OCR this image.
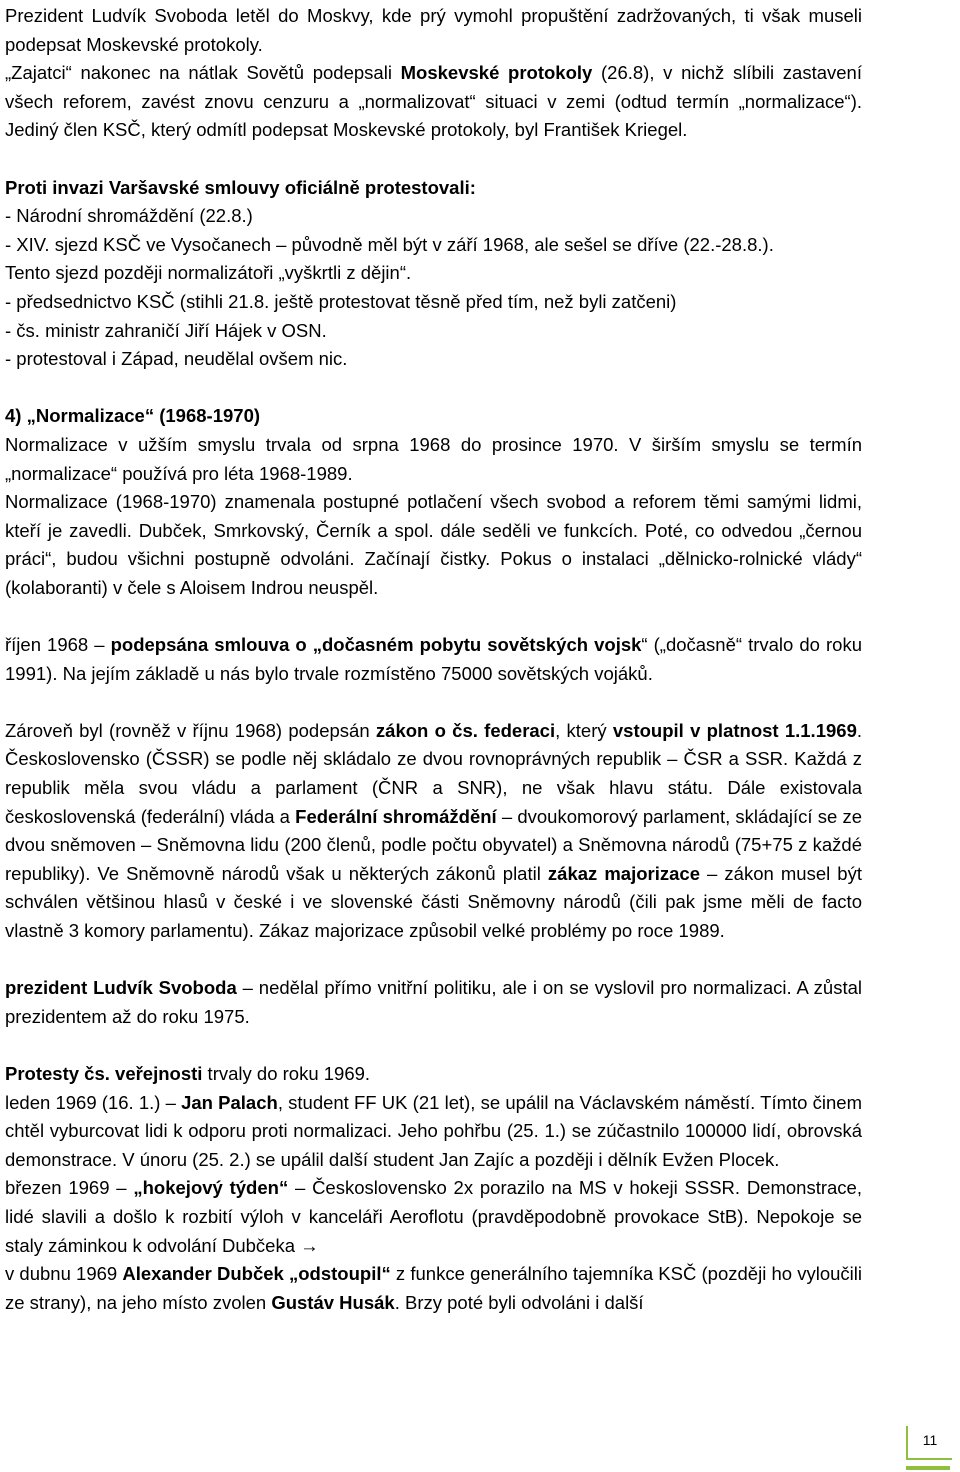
Prezident Ludvík Svoboda letěl do Moskvy, kde prý vymohl propuštění zadržovaných, ti však museli podepsat Moskevské protokoly.

„Zajatci“ nakonec na nátlak Sovětů podepsali Moskevské protokoly (26.8), v nichž slíbili zastavení všech reforem, zavést znovu cenzuru a „normalizovat“ situaci v zemi (odtud termín „normalizace“). Jediný člen KSČ, který odmítl podepsat Moskevské protokoly, byl František Kriegel.

Proti invazi Varšavské smlouvy oficiálně protestovali:

- Národní shromáždění (22.8.)

- XIV. sjezd KSČ ve Vysočanech – původně měl být v září 1968, ale sešel se dříve (22.-28.8.).

Tento sjezd později normalizátoři „vyškrtli z dějin“.

- předsednictvo KSČ (stihli 21.8. ještě protestovat těsně před tím, než byli zatčeni)

- čs. ministr zahraničí Jiří Hájek v OSN.

- protestoval i Západ, neudělal ovšem nic.

4) „Normalizace“ (1968-1970)

Normalizace v užším smyslu trvala od srpna 1968 do prosince 1970. V širším smyslu se termín „normalizace“ používá pro léta 1968-1989.

Normalizace (1968-1970) znamenala postupné potlačení všech svobod a reforem těmi samými lidmi, kteří je zavedli. Dubček, Smrkovský, Černík a spol. dále seděli ve funkcích. Poté, co odvedou „černou práci“, budou všichni postupně odvoláni. Začínají čistky. Pokus o instalaci „dělnicko-rolnické vlády“ (kolaboranti) v čele s Aloisem Indrou neuspěl.

říjen 1968 – podepsána smlouva o „dočasném pobytu sovětských vojsk“ („dočasně“ trvalo do roku 1991). Na jejím základě u nás bylo trvale rozmístěno 75000 sovětských vojáků.

Zároveň byl (rovněž v říjnu 1968) podepsán zákon o čs. federaci, který vstoupil v platnost 1.1.1969. Československo (ČSSR) se podle něj skládalo ze dvou rovnoprávných republik – ČSR a SSR. Každá z republik měla svou vládu a parlament (ČNR a SNR), ne však hlavu státu. Dále existovala československá (federální) vláda a Federální shromáždění – dvoukomorový parlament, skládající se ze dvou sněmoven – Sněmovna lidu (200 členů, podle počtu obyvatel) a Sněmovna národů (75+75 z každé republiky). Ve Sněmovně národů však u některých zákonů platil zákaz majorizace – zákon musel být schválen většinou hlasů v české i ve slovenské části Sněmovny národů (čili pak jsme měli de facto vlastně 3 komory parlamentu). Zákaz majorizace způsobil velké problémy po roce 1989.

prezident Ludvík Svoboda – nedělal přímo vnitřní politiku, ale i on se vyslovil pro normalizaci. A zůstal prezidentem až do roku 1975.

Protesty čs. veřejnosti trvaly do roku 1969.

leden 1969 (16. 1.) – Jan Palach, student FF UK (21 let), se upálil na Václavském náměstí. Tímto činem chtěl vyburcovat lidi k odporu proti normalizaci. Jeho pohřbu (25. 1.) se zúčastnilo 100000 lidí, obrovská demonstrace. V únoru (25. 2.) se upálil další student Jan Zajíc a později i dělník Evžen Plocek.

březen 1969 – „hokejový týden“ – Československo 2x porazilo na MS v hokeji SSSR. Demonstrace, lidé slavili a došlo k rozbití výloh v kanceláři Aeroflotu (pravděpodobně provokace StB). Nepokoje se staly záminkou k odvolání Dubčeka →

v dubnu 1969 Alexander Dubček „odstoupil“ z funkce generálního tajemníka KSČ (později ho vyloučili ze strany), na jeho místo zvolen Gustáv Husák. Brzy poté byli odvoláni i další

11
